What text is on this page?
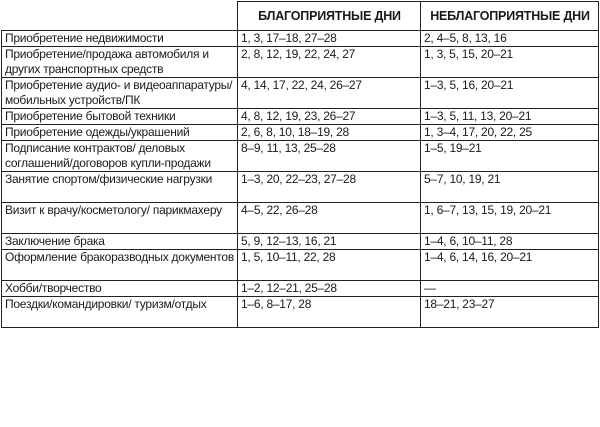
	БЛАГОПРИЯТНЫЕ ДНИ	НЕБЛАГОПРИЯТНЫЕ ДНИ
Приобретение недвижимости	1, 3, 17–18, 27–28	2, 4–5, 8, 13, 16
Приобретение/продажа автомобиля и других транспортных средств	2, 8, 12, 19, 22, 24, 27	1, 3, 5, 15, 20–21
Приобретение аудио- и видеоаппаратуры/мобильных устройств/ПК	4, 14, 17, 22, 24, 26–27	1–3, 5, 16, 20–21
Приобретение бытовой техники	4, 8, 12, 19, 23, 26–27	1–3, 5, 11, 13, 20–21
Приобретение одежды/украшений	2, 6, 8, 10, 18–19, 28	1, 3–4, 17, 20, 22, 25
Подписание контрактов/ деловых соглашений/договоров купли-продажи	8–9, 11, 13, 25–28	1–5, 19–21
Занятие спортом/физические нагрузки	1–3, 20, 22–23, 27–28	5–7, 10, 19, 21
Визит к врачу/косметологу/ парикмахеру	4–5, 22, 26–28	1, 6–7, 13, 15, 19, 20–21
Заключение брака	5, 9, 12–13, 16, 21	1–4, 6, 10–11, 28
Оформление бракоразводных документов	1, 5, 10–11, 22, 28	1–4, 6, 14, 16, 20–21
Хобби/творчество	1–2, 12–21, 25–28	—
Поездки/командировки/ туризм/отдых	1–6, 8–17, 28	18–21, 23–27
